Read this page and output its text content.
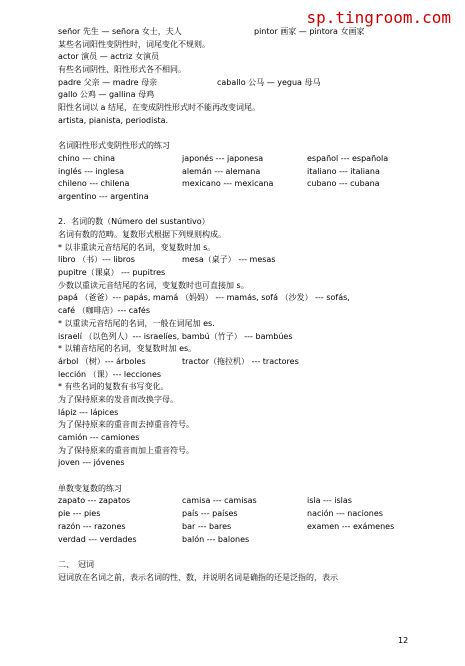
sp.tingroom.com
señor 先生 — señora 女士，夫人	pintor 画家 — pintora 女画家
某些名词阳性变阴性时，词尾变化不规则。
actor 演员 — actriz 女演员
有些名词阴性、阳性形式各不相同。
padre 父亲 — madre 母亲	caballo 公马 — yegua 母马
gallo 公鸡 — gallina 母鸡
阳性名词以 a 结尾，在变成阴性形式时不能再改变词尾。
artista, pianista, periodista.
名词阳性形式变阴性形式的练习
chino --- china	japonés --- japonesa	español --- española
inglés --- inglesa	alemán --- alemana	italiano --- italiana
chileno --- chilena	mexicano --- mexicana	cubano --- cubana
argentino --- argentina
2．名词的数（Número del sustantivo）
名词有数的范畴。复数形式根据下列规则构成。
* 以非重读元音结尾的名词，变复数时加 s。
libro （书）--- libros	mesa（桌子） --- mesas
pupitre（课桌） --- pupitres
少数以重读元音结尾的名词，变复数时也可直接加 s。
papá （爸爸）--- papás, mamá （妈妈） --- mamás, sofá （沙发） --- sofás,
café （咖啡店）--- cafés
* 以重读元音结尾的名词，一般在词尾加 es.
israelí （以色列人）--- israelíes, bambú（竹子） --- bambúes
* 以辅音结尾的名词，变复数时加 es。
árbol （树）--- árboles	tractor（拖拉机） --- tractores
lección （课）--- lecciones
* 有些名词的复数有书写变化。
为了保持原来的发音而改换字母。
lápiz --- lápices
为了保持原来的重音而去掉重音符号。
camión --- camiones
为了保持原来的重音而加上重音符号。
joven --- jóvenes
单数变复数的练习
zapato --- zapatos	camisa --- camisas	isla --- islas
pie --- pies	país --- países	nación --- naciones
razón --- razones	bar --- bares	examen --- exámenes
verdad --- verdades	balón --- balones
二、　冠词
冠词放在名词之前，表示名词的性、数，并说明名词是确指的还是泛指的，表示
12
